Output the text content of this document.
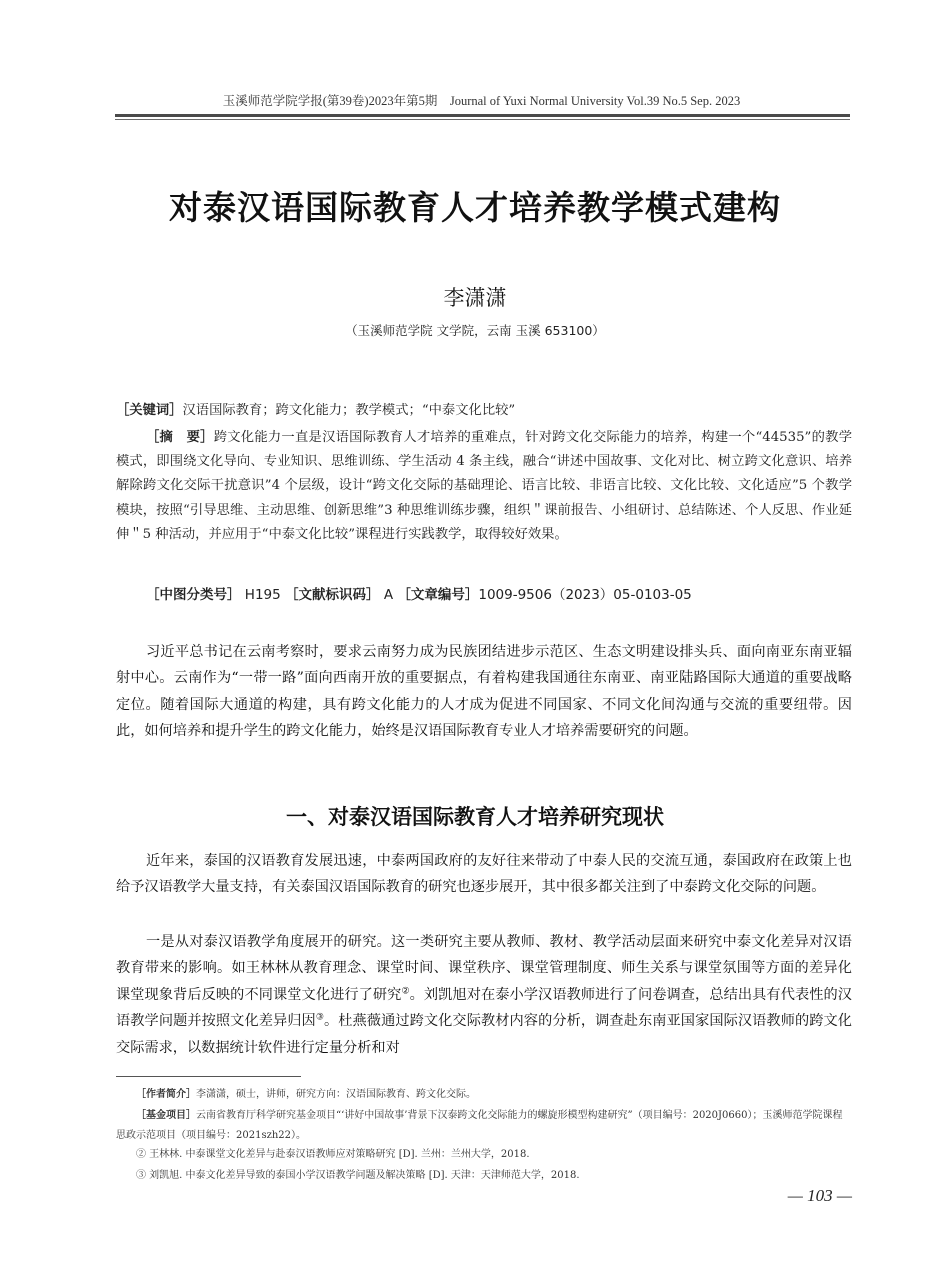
玉溪师范学院学报(第39卷)2023年第5期　Journal of Yuxi Normal University Vol.39 No.5 Sep. 2023
对泰汉语国际教育人才培养教学模式建构
李潇潇
（玉溪师范学院 文学院，云南 玉溪 653100）
［关键词］汉语国际教育；跨文化能力；教学模式；“中泰文化比较”
［摘　要］跨文化能力一直是汉语国际教育人才培养的重难点，针对跨文化交际能力的培养，构建一个“44535”的教学模式，即围绕文化导向、专业知识、思维训练、学生活动 4 条主线，融合“讲述中国故事、文化对比、树立跨文化意识、培养解除跨文化交际干扰意识”4 个层级，设计“跨文化交际的基础理论、语言比较、非语言比较、文化比较、文化适应”5 个教学模块，按照“引导思维、主动思维、创新思维”3 种思维训练步骤，组织＂课前报告、小组研讨、总结陈述、个人反思、作业延伸＂5 种活动，并应用于“中泰文化比较”课程进行实践教学，取得较好效果。
［中图分类号］ H195 ［文献标识码］ A ［文章编号］1009-9506（2023）05-0103-05
习近平总书记在云南考察时，要求云南努力成为民族团结进步示范区、生态文明建设排头兵、面向南亚东南亚辐射中心。云南作为“一带一路”面向西南开放的重要据点，有着构建我国通往东南亚、南亚陆路国际大通道的重要战略定位。随着国际大通道的构建，具有跨文化能力的人才成为促进不同国家、不同文化间沟通与交流的重要纽带。因此，如何培养和提升学生的跨文化能力，始终是汉语国际教育专业人才培养需要研究的问题。
一、对泰汉语国际教育人才培养研究现状
近年来，泰国的汉语教育发展迅速，中泰两国政府的友好往来带动了中泰人民的交流互通，泰国政府在政策上也给予汉语教学大量支持，有关泰国汉语国际教育的研究也逐步展开，其中很多都关注到了中泰跨文化交际的问题。
一是从对泰汉语教学角度展开的研究。这一类研究主要从教师、教材、教学活动层面来研究中泰文化差异对汉语教育带来的影响。如王林林从教育理念、课堂时间、课堂秩序、课堂管理制度、师生关系与课堂氛围等方面的差异化课堂现象背后反映的不同课堂文化进行了研究②。刘凯旭对在泰小学汉语教师进行了问卷调查，总结出具有代表性的汉语教学问题并按照文化差异归因③。杜燕薇通过跨文化交际教材内容的分析，调查赴东南亚国家国际汉语教师的跨文化交际需求，以数据统计软件进行定量分析和对
［作者简介］李潇潇，硕士，讲师，研究方向：汉语国际教育、跨文化交际。
［基金项目］云南省教育厅科学研究基金项目“‘讲好中国故事’背景下汉泰跨文化交际能力的螺旋形模型构建研究”（项目编号：2020J0660）；玉溪师范学院课程思政示范项目（项目编号：2021szh22）。
② 王林林. 中泰课堂文化差异与赴泰汉语教师应对策略研究 [D]. 兰州：兰州大学，2018.
③ 刘凯旭. 中泰文化差异导致的泰国小学汉语教学问题及解决策略 [D]. 天津：天津师范大学，2018.
— 103 —
